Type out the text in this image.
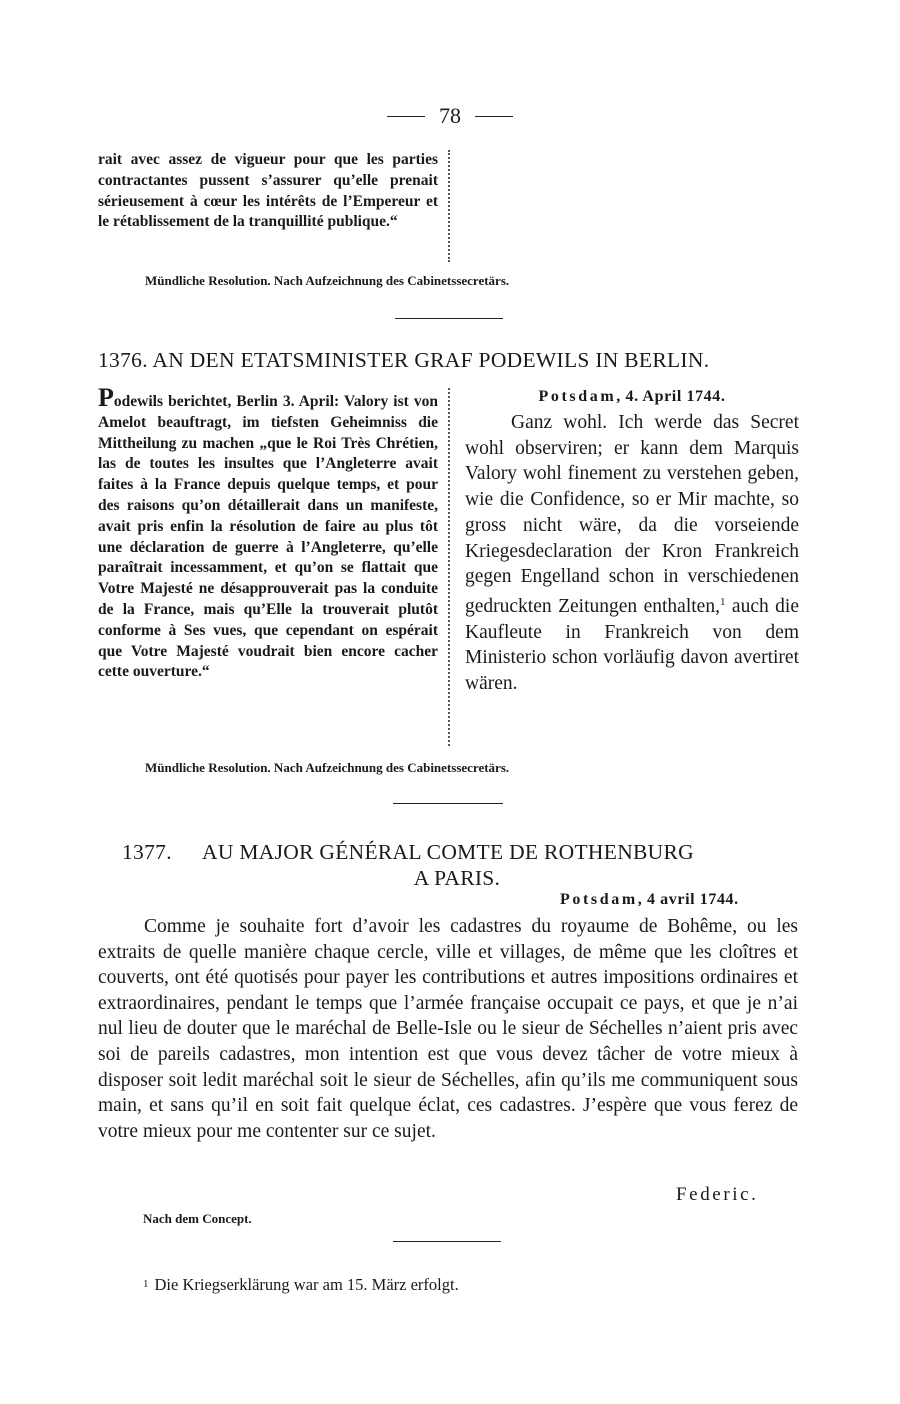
78
rait avec assez de vigueur pour que les parties contractantes pussent s’assurer qu’elle prenait sérieusement à cœur les intérêts de l’Empereur et le rétablissement de la tranquillité publique.“
Mündliche Resolution. Nach Aufzeichnung des Cabinetssecretärs.
1376. AN DEN ETATSMINISTER GRAF PODEWILS IN BERLIN.
Podewils berichtet, Berlin 3. April: Valory ist von Amelot beauftragt, im tiefsten Geheimniss die Mittheilung zu machen „que le Roi Très Chrétien, las de toutes les insultes que l’Angleterre avait faites à la France depuis quelque temps, et pour des raisons qu’on détaillerait dans un manifeste, avait pris enfin la résolution de faire au plus tôt une déclaration de guerre à l’Angleterre, qu’elle paraîtrait incessamment, et qu’on se flattait que Votre Majesté ne désapprouverait pas la conduite de la France, mais qu’Elle la trouverait plutôt conforme à Ses vues, que cependant on espérait que Votre Majesté voudrait bien encore cacher cette ouverture.“
Potsdam, 4. April 1744.
Ganz wohl. Ich werde das Secret wohl observiren; er kann dem Marquis Valory wohl finement zu verstehen geben, wie die Confidence, so er Mir machte, so gross nicht wäre, da die vorseiende Kriegesdeclaration der Kron Frankreich gegen Engelland schon in verschiedenen gedruckten Zeitungen enthalten,$^1$ auch die Kaufleute in Frankreich von dem Ministerio schon vorläufig davon avertiret wären.
Mündliche Resolution. Nach Aufzeichnung des Cabinetssecretärs.
1377.	AU MAJOR GÉNÉRAL COMTE DE ROTHENBURG
A PARIS.
Potsdam, 4 avril 1744.
Comme je souhaite fort d’avoir les cadastres du royaume de Bohême, ou les extraits de quelle manière chaque cercle, ville et villages, de même que les cloîtres et couverts, ont été quotisés pour payer les contributions et autres impositions ordinaires et extraordinaires, pendant le temps que l’armée française occupait ce pays, et que je n’ai nul lieu de douter que le maréchal de Belle-Isle ou le sieur de Séchelles n’aient pris avec soi de pareils cadastres, mon intention est que vous devez tâcher de votre mieux à disposer soit ledit maréchal soit le sieur de Séchelles, afin qu’ils me communiquent sous main, et sans qu’il en soit fait quelque éclat, ces cadastres. J’espère que vous ferez de votre mieux pour me contenter sur ce sujet.
Federic.
Nach dem Concept.
$^1$ Die Kriegserklärung war am 15. März erfolgt.
